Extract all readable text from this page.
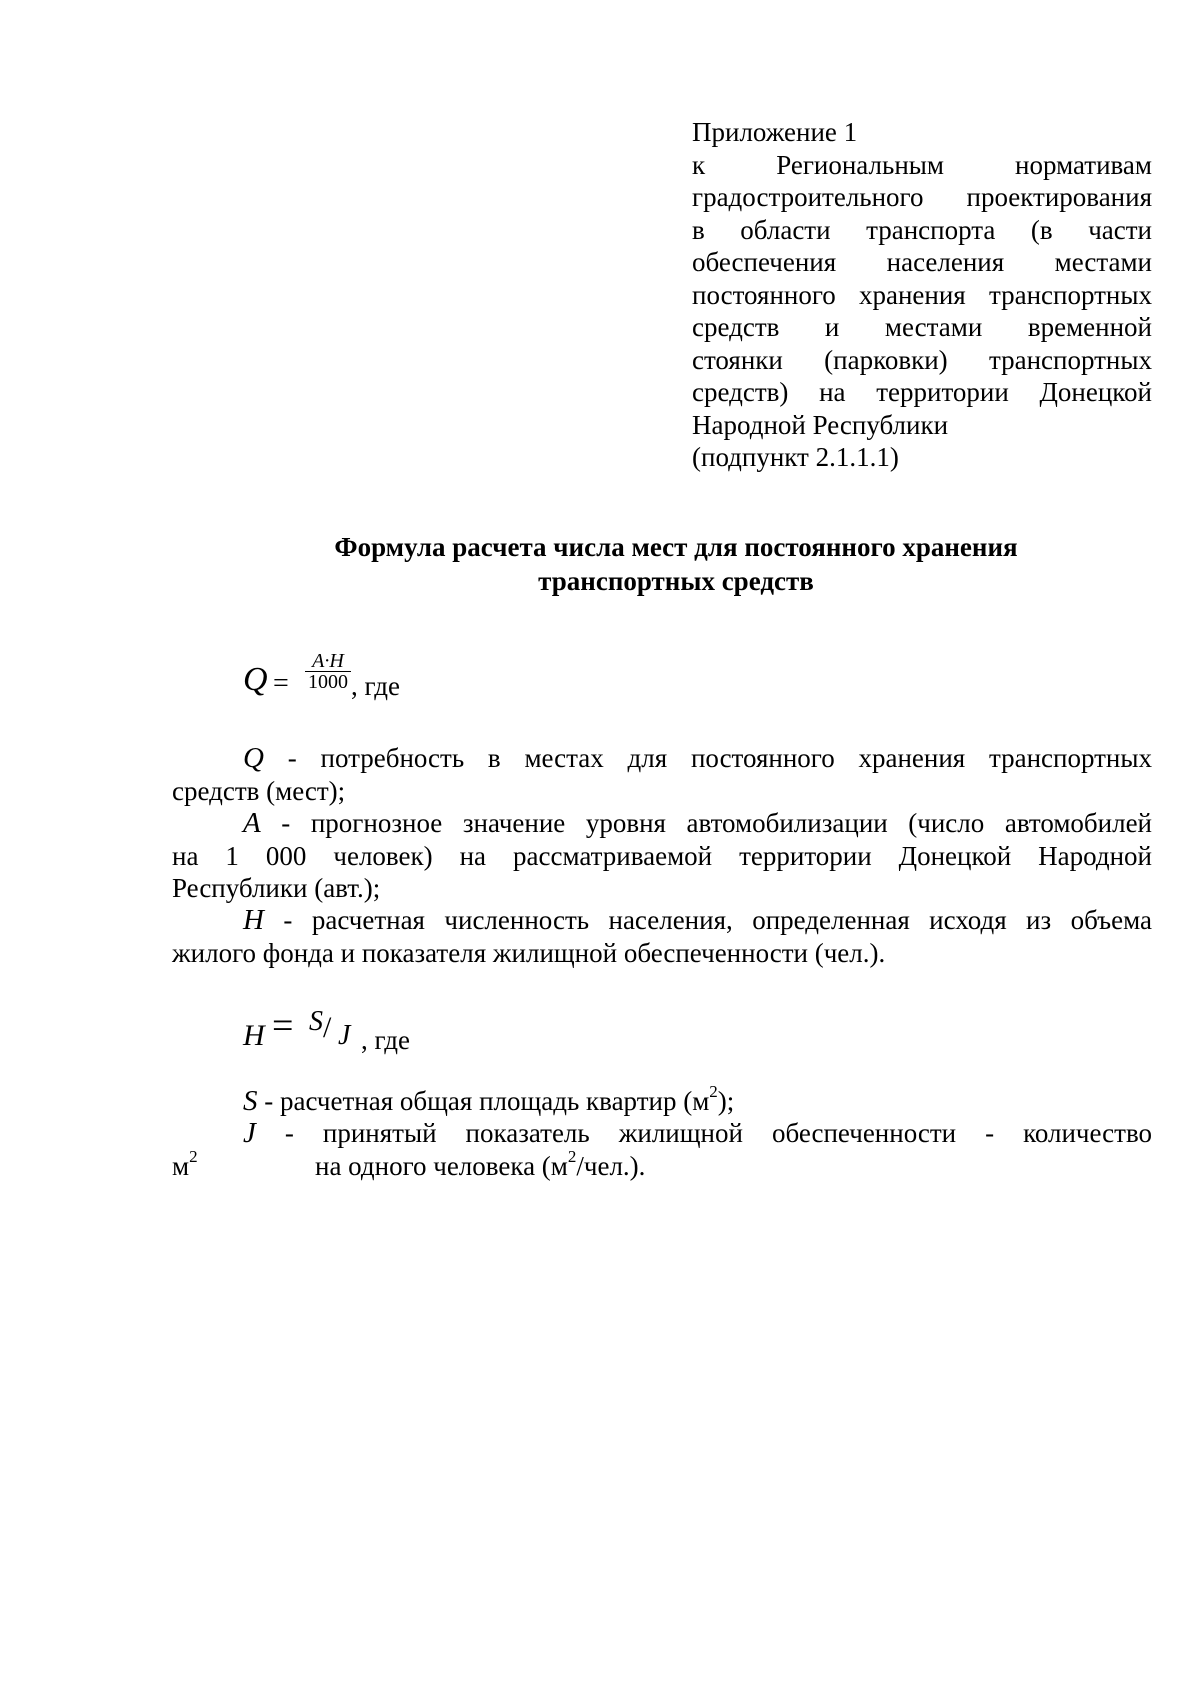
Приложение 1
к Региональным нормативам
градостроительного проектирования
в области транспорта (в части
обеспечения населения местами
постоянного хранения транспортных
средств и местами временной
стоянки (парковки) транспортных
средств) на территории Донецкой
Народной Республики
(подпункт 2.1.1.1)
Формула расчета числа мест для постоянного хранения
транспортных средств
$Q = \frac{A\cdot H}{1000}$ , где
Q - потребность в местах для постоянного хранения транспортных
средств (мест);
A - прогнозное значение уровня автомобилизации (число автомобилей
на 1 000 человек) на рассматриваемой территории Донецкой Народной
Республики (авт.);
H - расчетная численность населения, определенная исходя из объема
жилого фонда и показателя жилищной обеспеченности (чел.).
H = S / J , где
S - расчетная общая площадь квартир $(м^2)$;
J - принятый показатель жилищной обеспеченности - количество
$м^2$	на одного человека $(м^2/чел.)$.
